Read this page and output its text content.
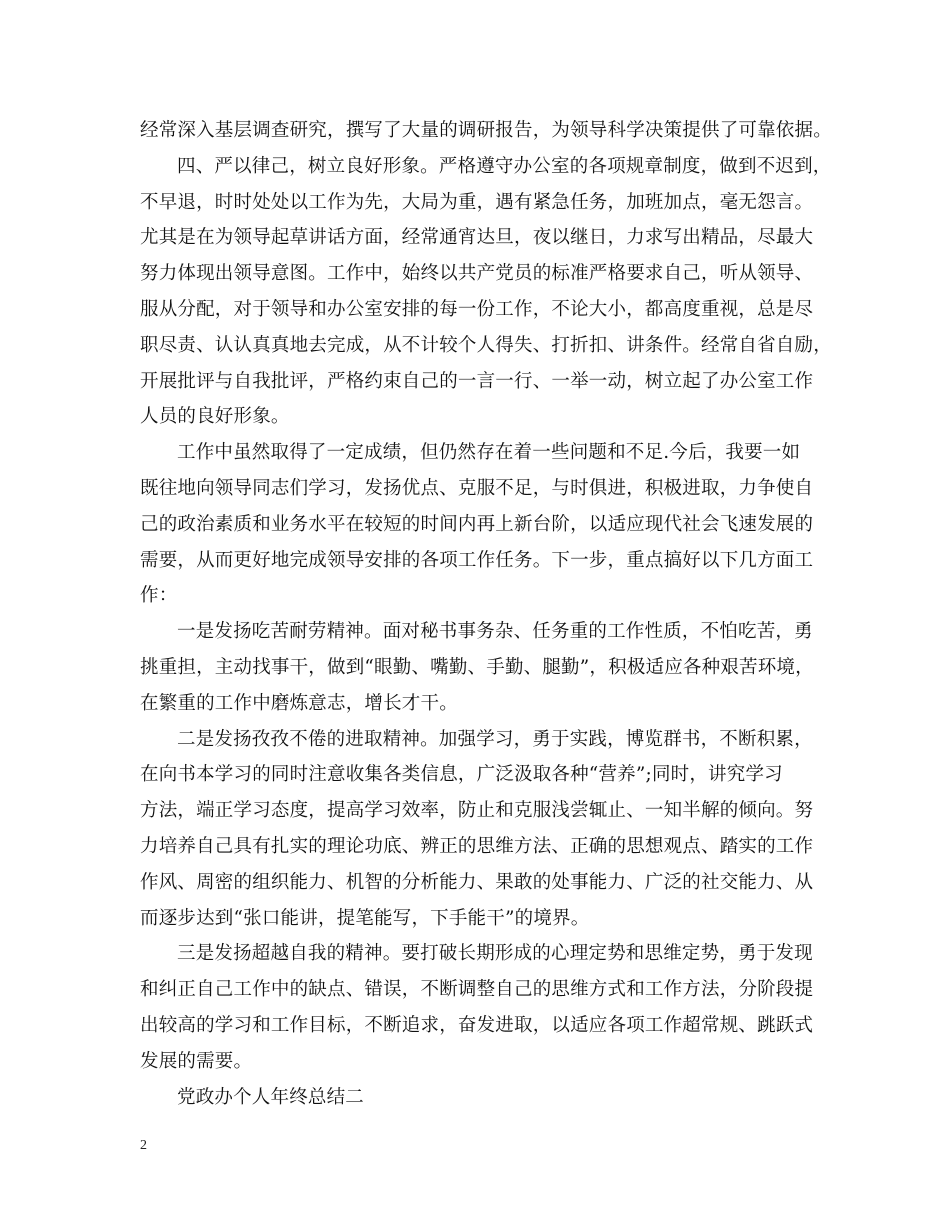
经常深入基层调查研究，撰写了大量的调研报告，为领导科学决策提供了可靠依据。
四、严以律己，树立良好形象。严格遵守办公室的各项规章制度，做到不迟到，
不早退，时时处处以工作为先，大局为重，遇有紧急任务，加班加点，毫无怨言。
尤其是在为领导起草讲话方面，经常通宵达旦，夜以继日，力求写出精品，尽最大
努力体现出领导意图。工作中，始终以共产党员的标准严格要求自己，听从领导、
服从分配，对于领导和办公室安排的每一份工作，不论大小，都高度重视，总是尽
职尽责、认认真真地去完成，从不计较个人得失、打折扣、讲条件。经常自省自励，
开展批评与自我批评，严格约束自己的一言一行、一举一动，树立起了办公室工作
人员的良好形象。
工作中虽然取得了一定成绩，但仍然存在着一些问题和不足.今后，我要一如
既往地向领导同志们学习，发扬优点、克服不足，与时俱进，积极进取，力争使自
己的政治素质和业务水平在较短的时间内再上新台阶，以适应现代社会飞速发展的
需要，从而更好地完成领导安排的各项工作任务。下一步，重点搞好以下几方面工
作：
一是发扬吃苦耐劳精神。面对秘书事务杂、任务重的工作性质，不怕吃苦，勇
挑重担，主动找事干，做到“眼勤、嘴勤、手勤、腿勤”，积极适应各种艰苦环境，
在繁重的工作中磨炼意志，增长才干。
二是发扬孜孜不倦的进取精神。加强学习，勇于实践，博览群书，不断积累，
在向书本学习的同时注意收集各类信息，广泛汲取各种“营养”;同时，讲究学习
方法，端正学习态度，提高学习效率，防止和克服浅尝辄止、一知半解的倾向。努
力培养自己具有扎实的理论功底、辨正的思维方法、正确的思想观点、踏实的工作
作风、周密的组织能力、机智的分析能力、果敢的处事能力、广泛的社交能力、从
而逐步达到“张口能讲，提笔能写，下手能干”的境界。
三是发扬超越自我的精神。要打破长期形成的心理定势和思维定势，勇于发现
和纠正自己工作中的缺点、错误，不断调整自己的思维方式和工作方法，分阶段提
出较高的学习和工作目标，不断追求，奋发进取，以适应各项工作超常规、跳跃式
发展的需要。
党政办个人年终总结二
2
